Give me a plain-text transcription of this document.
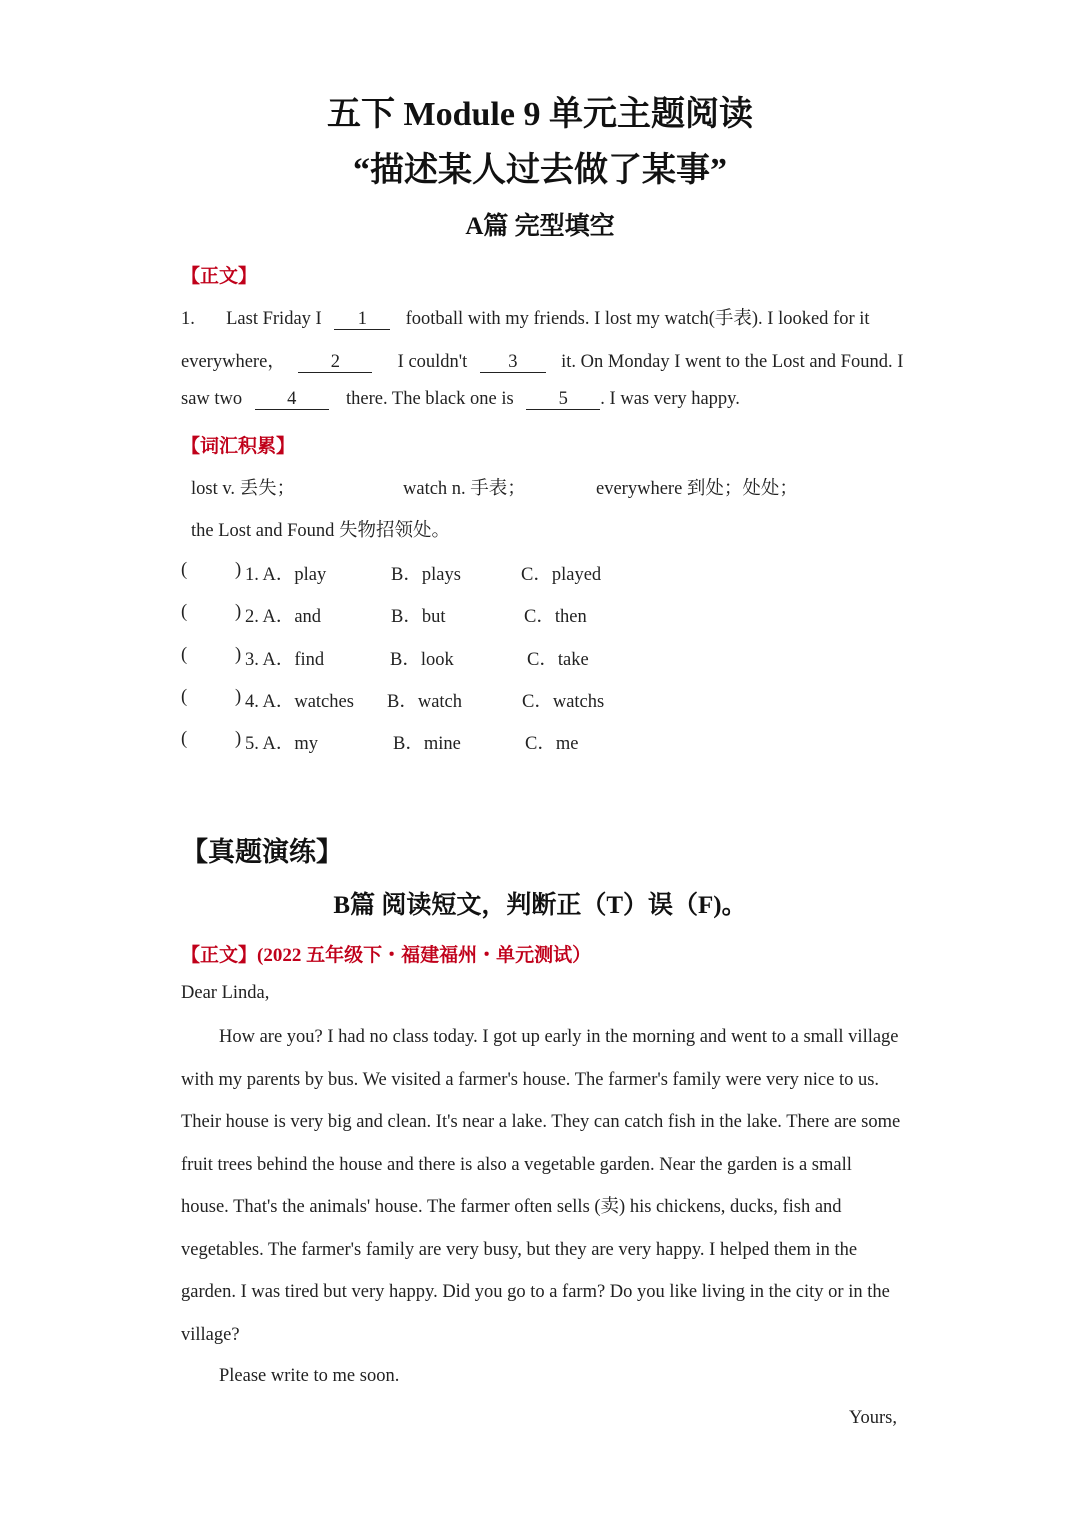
五下 Module 9 单元主题阅读
“描述某人过去做了某事”
A篇 完型填空
【正文】
1. Last Friday I 1 football with my friends. I lost my watch(手表). I looked for it
everywhere， 2	I couldn't 3 it. On Monday I went to the Lost and Found. I
saw two 4	there. The black one is 5 . I was very happy.
【词汇积累】
lost v. 丢失；	watch n. 手表；	everywhere 到处；处处；
the Lost and Found 失物招领处。
(	) 1. A．play	B．plays	C．played
(	) 2. A．and	B．but	C．then
(	) 3. A．find	B．look	C．take
(	) 4. A．watches B．watch	C．watchs
(	) 5. A．my	B．mine	C．me
【真题演练】
B篇 阅读短文，判断正（T）误（F)。
【正文】(2022 五年级下・福建福州・单元测试）
Dear Linda,
How are you? I had no class today. I got up early in the morning and went to a small village with my parents by bus. We visited a farmer's house. The farmer's family were very nice to us. Their house is very big and clean. It's near a lake. They can catch fish in the lake. There are some fruit trees behind the house and there is also a vegetable garden. Near the garden is a small house. That's the animals' house. The farmer often sells (卖) his chickens, ducks, fish and vegetables. The farmer's family are very busy, but they are very happy. I helped them in the garden. I was tired but very happy. Did you go to a farm? Do you like living in the city or in the village?
Please write to me soon.
Yours,
